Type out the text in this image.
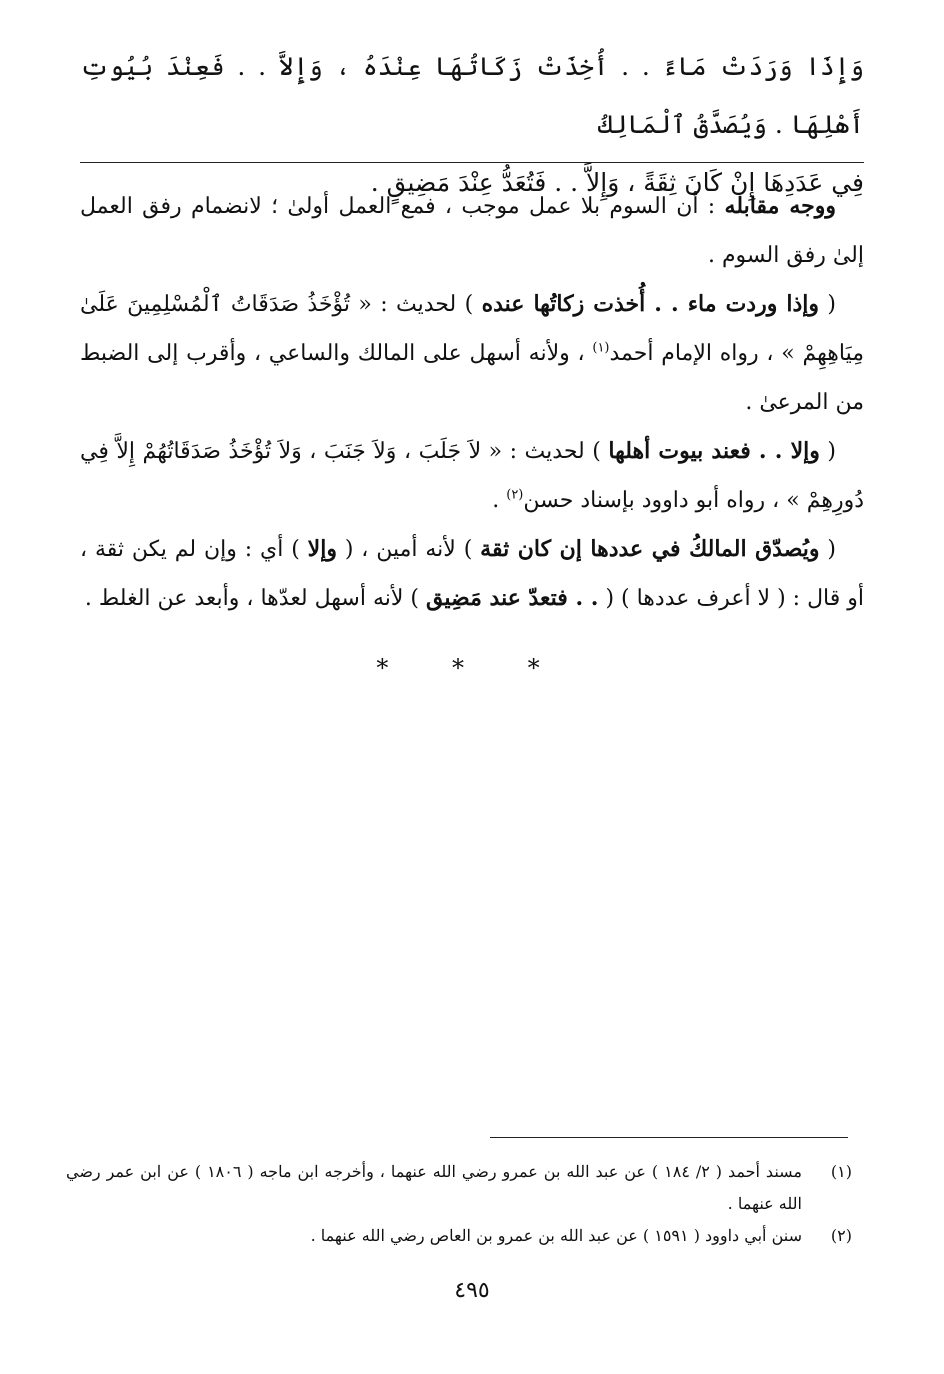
وَإِذَا وَرَدَتْ مَاءً . . أُخِذَتْ زَكَاتُهَا عِنْدَهُ ، وَإِلاَّ . . فَعِنْدَ بُيُوتِ أَهْلِهَا . وَيُصَدَّقُ ٱلْمَالِكُ

فِي عَدَدِهَا إِنْ كَانَ ثِقَةً ، وَإِلاَّ . . فَتُعَدُّ عِنْدَ مَضِيقٍ .

ووجه مقابله : أن السوم بلا عمل موجب ، فمع العمل أولىٰ ؛ لانضمام رفق العمل إلىٰ رفق السوم .

( وإذا وردت ماء . . أُخذت زكاتُها عنده ) لحديث : « تُؤْخَذُ صَدَقَاتُ ٱلْمُسْلِمِينَ عَلَىٰ مِيَاهِهِمْ » ، رواه الإمام أحمد$^{(١)}$ ، ولأنه أسهل على المالك والساعي ، وأقرب إلى الضبط من المرعىٰ .

( وإلا . . فعند بيوت أهلها ) لحديث : « لاَ جَلَبَ ، وَلاَ جَنَبَ ، وَلاَ تُؤْخَذُ صَدَقَاتُهُمْ إِلاَّ فِي دُورِهِمْ » ، رواه أبو داوود بإسناد حسن$^{(٢)}$ .

( ويُصدّق المالكُ في عددها إن كان ثقة ) لأنه أمين ، ( وإلا ) أي : وإن لم يكن ثقة ، أو قال : ( لا أعرف عددها ) ( . . فتعدّ عند مَضِيق ) لأنه أسهل لعدّها ، وأبعد عن الغلط .

* * *
(١)
مسند أحمد ( ٢/ ١٨٤ ) عن عبد الله بن عمرو رضي الله عنهما ، وأخرجه ابن ماجه ( ١٨٠٦ ) عن ابن عمر رضي الله عنهما .
(٢)
سنن أبي داوود ( ١٥٩١ ) عن عبد الله بن عمرو بن العاص رضي الله عنهما .
٤٩٥
